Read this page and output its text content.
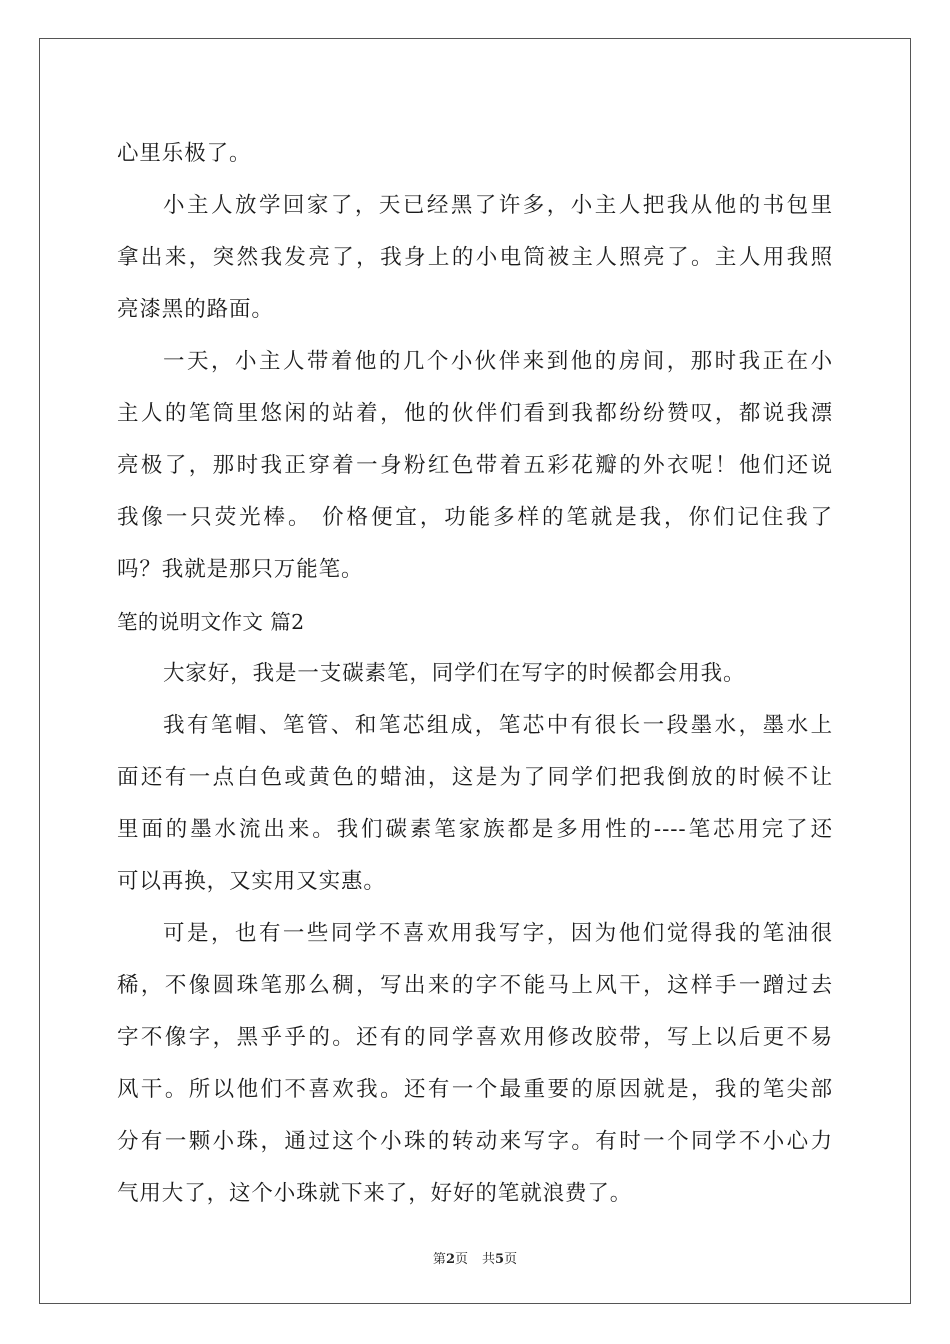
心里乐极了。
小主人放学回家了，天已经黑了许多，小主人把我从他的书包里
拿出来，突然我发亮了，我身上的小电筒被主人照亮了。主人用我照
亮漆黑的路面。
一天，小主人带着他的几个小伙伴来到他的房间，那时我正在小
主人的笔筒里悠闲的站着，他的伙伴们看到我都纷纷赞叹，都说我漂
亮极了，那时我正穿着一身粉红色带着五彩花瓣的外衣呢！他们还说
我像一只荧光棒。 价格便宜，功能多样的笔就是我，你们记住我了
吗？我就是那只万能笔。
笔的说明文作文 篇2
大家好，我是一支碳素笔，同学们在写字的时候都会用我。
我有笔帽、笔管、和笔芯组成，笔芯中有很长一段墨水，墨水上
面还有一点白色或黄色的蜡油，这是为了同学们把我倒放的时候不让
里面的墨水流出来。我们碳素笔家族都是多用性的----笔芯用完了还
可以再换，又实用又实惠。
可是，也有一些同学不喜欢用我写字，因为他们觉得我的笔油很
稀，不像圆珠笔那么稠，写出来的字不能马上风干，这样手一蹭过去
字不像字，黑乎乎的。还有的同学喜欢用修改胶带，写上以后更不易
风干。所以他们不喜欢我。还有一个最重要的原因就是，我的笔尖部
分有一颗小珠，通过这个小珠的转动来写字。有时一个同学不小心力
气用大了，这个小珠就下来了，好好的笔就浪费了。
第2页 共5页
